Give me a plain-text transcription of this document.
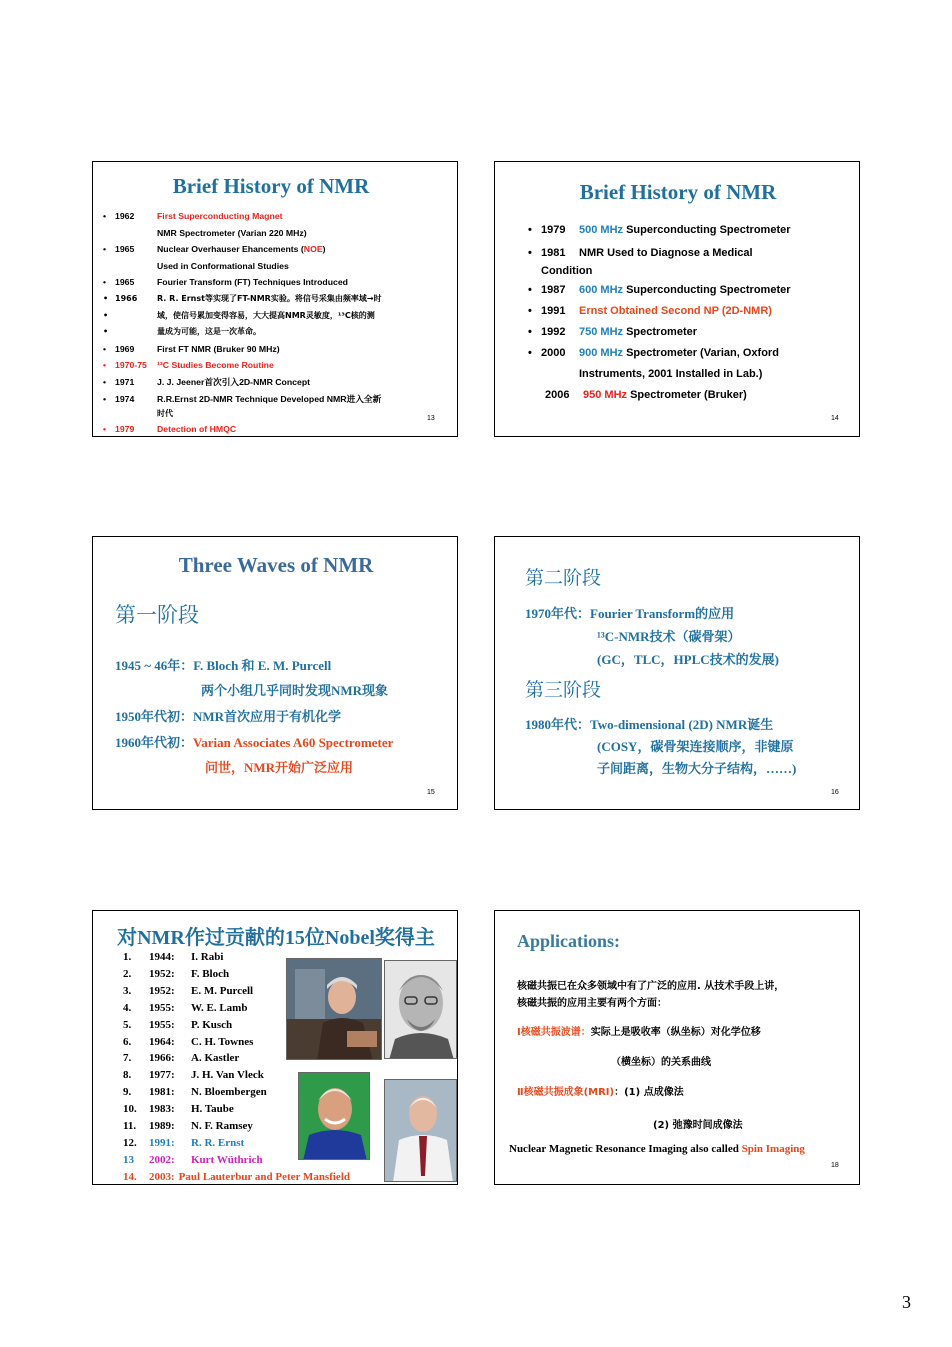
Brief History of NMR
• 1962	First Superconducting Magnet
NMR Spectrometer (Varian 220 MHz)
• 1965	Nuclear Overhauser Ehancements (NOE)
Used in Conformational Studies
• 1965	Fourier Transform (FT) Techniques Introduced
• 1966 R. R. Ernst等实现了FT-NMR实验。将信号采集由频率域→时
•	域，使信号累加变得容易，大大提高NMR灵敏度，¹³C核的测
•	量成为可能，这是一次革命。
• 1969	First FT NMR (Bruker 90 MHz)
• 1970-75 ¹³C Studies Become Routine
• 1971	J. J. Jeener首次引入2D-NMR Concept
• 1974	R.R.Ernst 2D-NMR Technique Developed NMR进入全新
时代
• 1979	Detection of HMQC
13
Brief History of NMR
• 1979 500 MHz Superconducting Spectrometer
• 1981 NMR Used to Diagnose a Medical
Condition
• 1987 600 MHz Superconducting Spectrometer
• 1991 Ernst Obtained Second NP (2D-NMR)
• 1992 750 MHz Spectrometer
• 2000 900 MHz Spectrometer (Varian, Oxford
Instruments, 2001 Installed in Lab.)
2006 950 MHz Spectrometer (Bruker)
14
Three Waves of NMR
第一阶段
1945 ~ 46年：F. Bloch 和 E. M. Purcell
两个小组几乎同时发现NMR现象
1950年代初：NMR首次应用于有机化学
1960年代初：Varian Associates A60 Spectrometer
问世，NMR开始广泛应用
15
第二阶段
1970年代：Fourier Transform的应用
¹³C-NMR技术（碳骨架）
(GC，TLC，HPLC技术的发展)
第三阶段
1980年代：Two-dimensional (2D) NMR诞生
(COSY，碳骨架连接顺序，非键原
子间距离，生物大分子结构，……)
16
对NMR作过贡献的15位Nobel奖得主
1. 1944: I. Rabi
2. 1952: F. Bloch
3. 1952: E. M. Purcell
4. 1955: W. E. Lamb
5. 1955: P. Kusch
6. 1964: C. H. Townes
7. 1966: A. Kastler
8. 1977: J. H. Van Vleck
9. 1981: N. Bloembergen
10. 1983: H. Taube
11. 1989: N. F. Ramsey
12. 1991: R. R. Ernst
13 2002: Kurt Wüthrich
14. 2003: Paul Lauterbur and Peter Mansfield
Applications:
核磁共振已在众多领域中有了广泛的应用. 从技术手段上讲，
核磁共振的应用主要有两个方面：
Ⅰ核磁共振波谱：实际上是吸收率（纵坐标）对化学位移
（横坐标）的关系曲线
Ⅱ核磁共振成象(MRI)：(1) 点成像法
(2) 弛豫时间成像法
Nuclear Magnetic Resonance Imaging also called Spin Imaging
18
3
